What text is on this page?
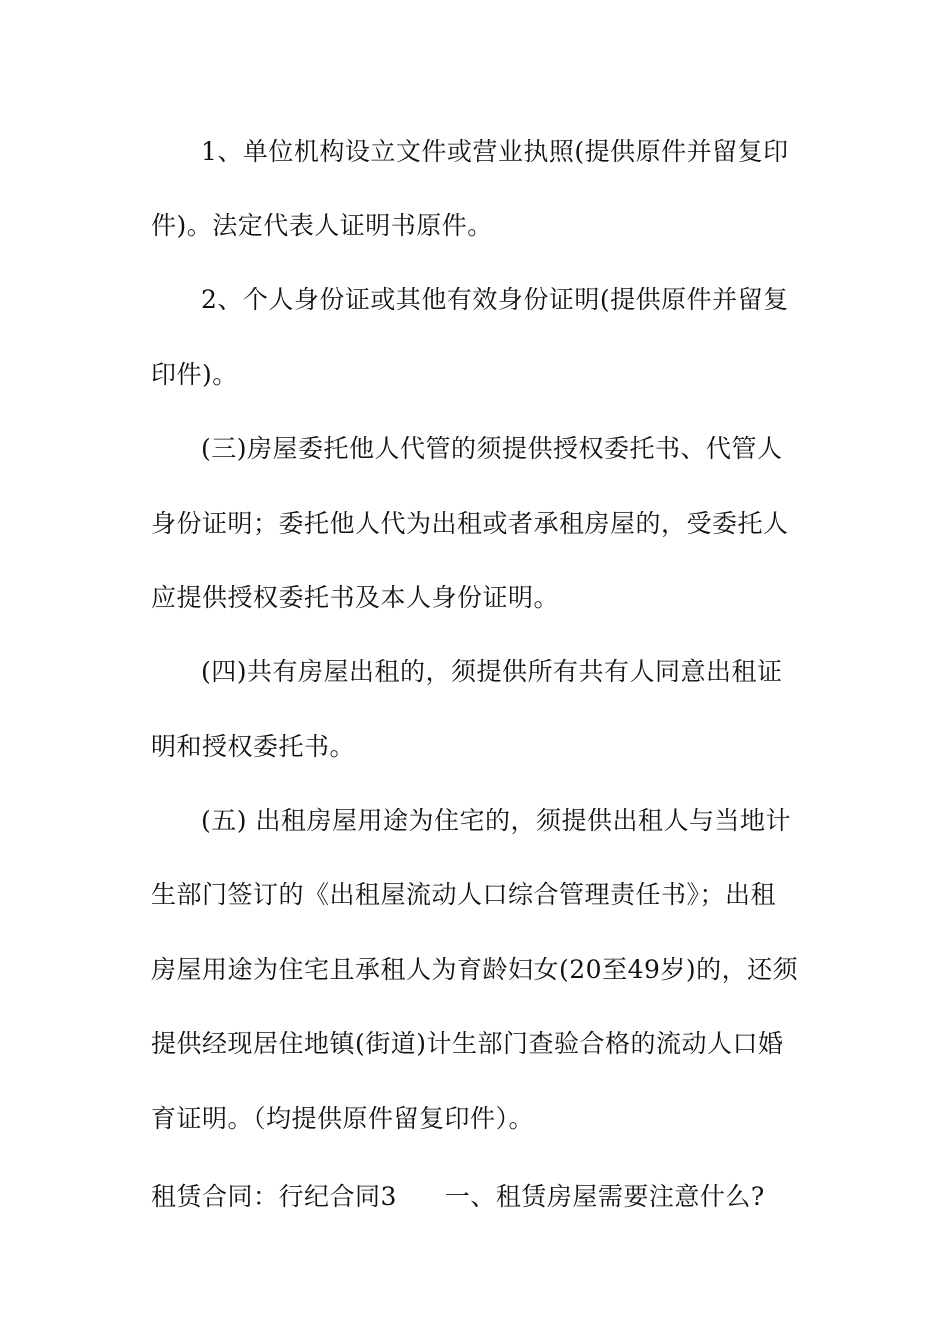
1、单位机构设立文件或营业执照(提供原件并留复印

件)。法定代表人证明书原件。

2、个人身份证或其他有效身份证明(提供原件并留复

印件)。

(三)房屋委托他人代管的须提供授权委托书、代管人

身份证明；委托他人代为出租或者承租房屋的，受委托人

应提供授权委托书及本人身份证明。

(四)共有房屋出租的，须提供所有共有人同意出租证

明和授权委托书。

(五) 出租房屋用途为住宅的，须提供出租人与当地计

生部门签订的《出租屋流动人口综合管理责任书》；出租

房屋用途为住宅且承租人为育龄妇女(20至49岁)的，还须

提供经现居住地镇(街道)计生部门查验合格的流动人口婚

育证明。（均提供原件留复印件）。

租赁合同：行纪合同3 一、租赁房屋需要注意什么?
